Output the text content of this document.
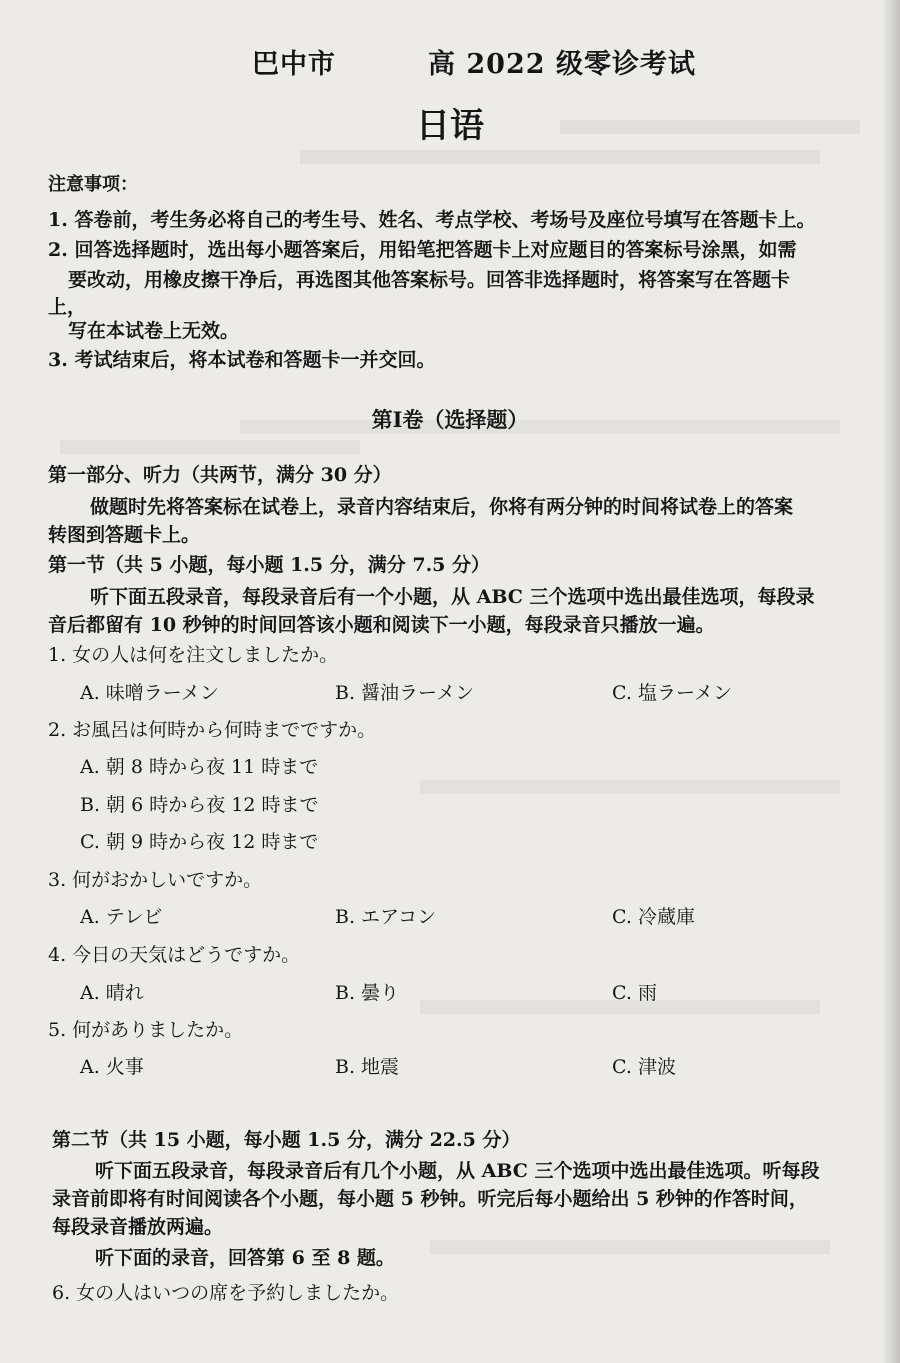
巴中市	高 2022 级零诊考试
日语
注意事项：
1. 答卷前，考生务必将自己的考生号、姓名、考点学校、考场号及座位号填写在答题卡上。
2. 回答选择题时，选出每小题答案后，用铅笔把答题卡上对应题目的答案标号涂黑，如需
要改动，用橡皮擦干净后，再选图其他答案标号。回答非选择题时，将答案写在答题卡
上，
写在本试卷上无效。
3. 考试结束后，将本试卷和答题卡一并交回。
第Ⅰ卷（选择题）
第一部分、听力（共两节，满分 30 分）
做题时先将答案标在试卷上，录音内容结束后，你将有两分钟的时间将试卷上的答案
转图到答题卡上。
第一节（共 5 小题，每小题 1.5 分，满分 7.5 分）
听下面五段录音，每段录音后有一个小题，从 ABC 三个选项中选出最佳选项，每段录
音后都留有 10 秒钟的时间回答该小题和阅读下一小题，每段录音只播放一遍。
1. 女の人は何を注文しましたか。
A. 味噌ラーメン	B. 醤油ラーメン	C. 塩ラーメン
2. お風呂は何時から何時までですか。
A. 朝 8 時から夜 11 時まで
B. 朝 6 時から夜 12 時まで
C. 朝 9 時から夜 12 時まで
3. 何がおかしいですか。
A. テレビ	B. エアコン	C. 冷蔵庫
4. 今日の天気はどうですか。
A. 晴れ	B. 曇り	C. 雨
5. 何がありましたか。
A. 火事	B. 地震	C. 津波
第二节（共 15 小题，每小题 1.5 分，满分 22.5 分）
听下面五段录音，每段录音后有几个小题，从 ABC 三个选项中选出最佳选项。听每段
录音前即将有时间阅读各个小题，每小题 5 秒钟。听完后每小题给出 5 秒钟的作答时间，
每段录音播放两遍。
听下面的录音，回答第 6 至 8 题。
6. 女の人はいつの席を予約しましたか。
